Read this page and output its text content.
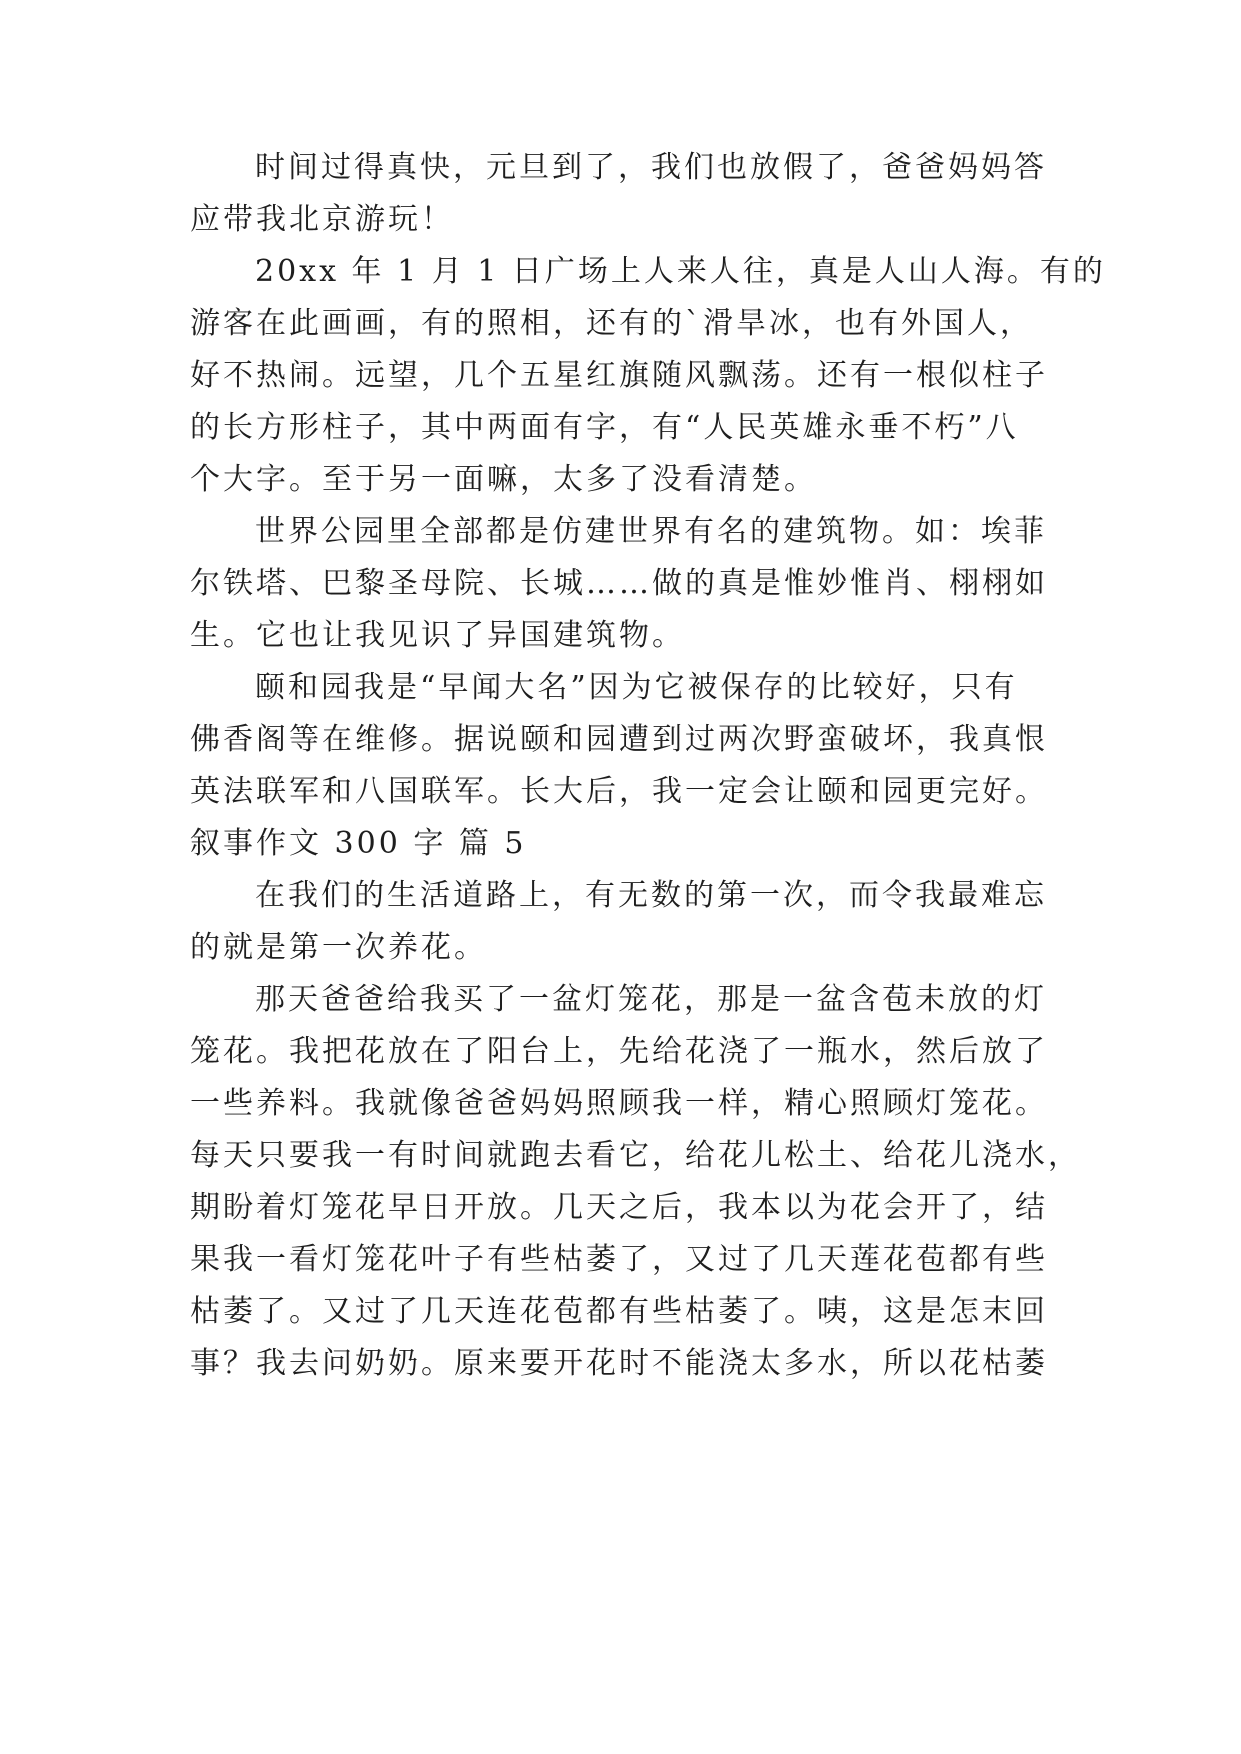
时间过得真快，元旦到了，我们也放假了，爸爸妈妈答
应带我北京游玩！
20xx 年 1 月 1 日广场上人来人往，真是人山人海。有的
游客在此画画，有的照相，还有的`滑旱冰，也有外国人，
好不热闹。远望，几个五星红旗随风飘荡。还有一根似柱子
的长方形柱子，其中两面有字，有“人民英雄永垂不朽”八
个大字。至于另一面嘛，太多了没看清楚。
世界公园里全部都是仿建世界有名的建筑物。如：埃菲
尔铁塔、巴黎圣母院、长城……做的真是惟妙惟肖、栩栩如
生。它也让我见识了异国建筑物。
颐和园我是“早闻大名”因为它被保存的比较好，只有
佛香阁等在维修。据说颐和园遭到过两次野蛮破坏，我真恨
英法联军和八国联军。长大后，我一定会让颐和园更完好。
叙事作文 300 字 篇 5
在我们的生活道路上，有无数的第一次，而令我最难忘
的就是第一次养花。
那天爸爸给我买了一盆灯笼花，那是一盆含苞未放的灯
笼花。我把花放在了阳台上，先给花浇了一瓶水，然后放了
一些养料。我就像爸爸妈妈照顾我一样，精心照顾灯笼花。
每天只要我一有时间就跑去看它，给花儿松土、给花儿浇水，
期盼着灯笼花早日开放。几天之后，我本以为花会开了，结
果我一看灯笼花叶子有些枯萎了，又过了几天莲花苞都有些
枯萎了。又过了几天连花苞都有些枯萎了。咦，这是怎末回
事？我去问奶奶。原来要开花时不能浇太多水，所以花枯萎
